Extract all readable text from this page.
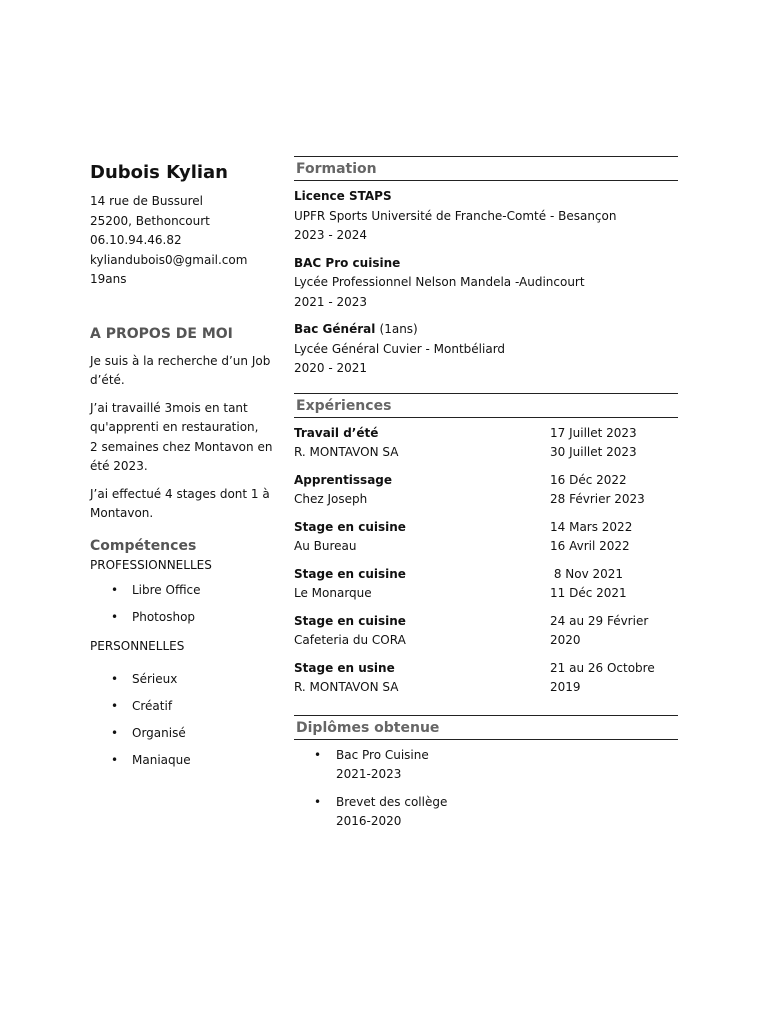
Dubois Kylian

14 rue de Bussurel

25200, Bethoncourt

06.10.94.46.82

kyliandubois0@gmail.com

19ans

A PROPOS DE MOI

Je suis à la recherche d’un Job d’été.

J’ai travaillé 3mois en tant qu'apprenti en restauration,

2 semaines chez Montavon en été 2023.

J’ai effectué 4 stages dont 1 à Montavon.

Compétences

PROFESSIONNELLES

• Libre Office
• Photoshop

PERSONNELLES

• Sérieux
• Créatif
• Organisé
• Maniaque
Formation

Licence STAPS

UPFR Sports Université de Franche-Comté - Besançon

2023 - 2024

BAC Pro cuisine

Lycée Professionnel Nelson Mandela -Audincourt

2021 - 2023

Bac Général (1ans)

Lycée Général Cuvier - Montbéliard

2020 - 2021

Expériences

Travail d’été

R. MONTAVON SA

17 Juillet 2023

30 Juillet 2023

Apprentissage

Chez Joseph

16 Déc 2022

28 Février 2023

Stage en cuisine

Au Bureau

14 Mars 2022

16 Avril 2022

Stage en cuisine

Le Monarque

8 Nov 2021

11 Déc 2021

Stage en cuisine

Cafeteria du CORA

24 au 29 Février

2020

Stage en usine

R. MONTAVON SA

21 au 26 Octobre

2019

Diplômes obtenue

• Bac Pro Cuisine

2021-2023

• Brevet des collège

2016-2020
